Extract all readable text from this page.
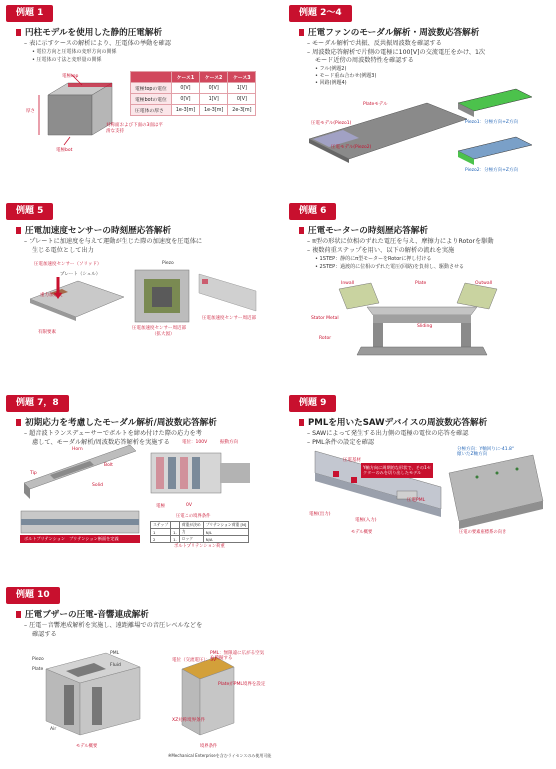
例題 1
円柱モデルを使用した静的圧電解析
– 表に示すケースの解析により、圧電体の挙動を確認
• 電位方向と圧電体の変形方向の関係
• 圧電体の寸法と変形量の関係
電極top
厚さ
電極bot
対称面および下面の3面は平滑な支持
	ケース1	ケース2	ケース3
電極topの電位	0[V]	0[V]	1[V]
電極botの電位	0[V]	1[V]	0[V]
圧電体の厚さ	1e-3[m]	1e-3[m]	2e-3[m]
例題 2〜4
圧電ファンのモーダル解析・周波数応答解析
– モーダル解析で共振、反共振周波数を確認する
– 周波数応答解析で片側の電極に100[V]の交流電圧をかけ、1次
モード近傍の周波数特性を確認する
• フル(例題2)
• モード重ね合わせ(例題3)
• 回路(例題4)
Plateモデル
圧電モデル(Piezo1)
圧電モデル(Piezo2)
Piezo1：分極方向+Z方向
Piezo2：分極方向+Z方向
例題 5
圧電加速度センサーの時刻歴応答解析
– プレートに加速度を与えて運動が生じた際の加速度を圧電体に
生じる電位として出力
圧電加速度センサー（ソリッド）
プレート（シェル）
重力加速度
有限要素
Piezo
圧電加速度センサー周辺部
（拡大図）
圧電加速度センサー周辺部
例題 6
圧電モーターの時刻歴応答解析
– π型の形状に位相のずれた電圧を与え、摩擦力によりRotorを駆動
– 複数荷重ステップを用い、以下の解析の流れを実施
• 1STEP：静的にπ型モーターをRotorに押し付ける
• 2STEP：過渡的に位相のずれた電圧(回路)を負荷し、駆動させる
Inwall	Plate	Outwall
Stator Metal
Sliding
Rotor
例題 7，8
初期応力を考慮したモーダル解析/周波数応答解析
– 超音波トランスデューサーでボルトを締め付けた際の応力を考
慮して、モーダル解析/周波数応答解析を実施する
Horn
Tip
Bolt
Solid
ボルトプリテンション プリテンション断面を定義
振動方向
電位：100V
電極	0V
圧電この境界条件
ステップ		荷重が決め	プリテンション荷重 [N]
1	1.	力	N/L
2	1.	ロック	N/A
ボルトプリテンション荷重
例題 9
PMLを用いたSAWデバイスの周波数応答解析
– SAWによって発生する出力側の電極の電位の応答を確認
– PML条件の設定を確認
圧電基材
Y軸方向に周期的な形状で、その1セクターのみを切り出したモデル
圧電PML
電極(出力)
電極(入力)
モデル概要
分極方向：Y軸回りに-41.8°傾いたZ軸方向
圧電の要素座標系の向き
例題 10
圧電ブザーの圧電-音響連成解析
– 圧電－音響連成解析を実施し、遠距離場での音圧レベルなどを
確認する
Piezo
Plate
PML
Fluid
Air
モデル概要
電位（交流電圧）：5V
PML：無限遠に広がる空気を模擬する
PlateがPML境界を設定
XZ対称境界条件
境界条件
※Mechanical Enterpriseを含むライセンスのみ使用可能
